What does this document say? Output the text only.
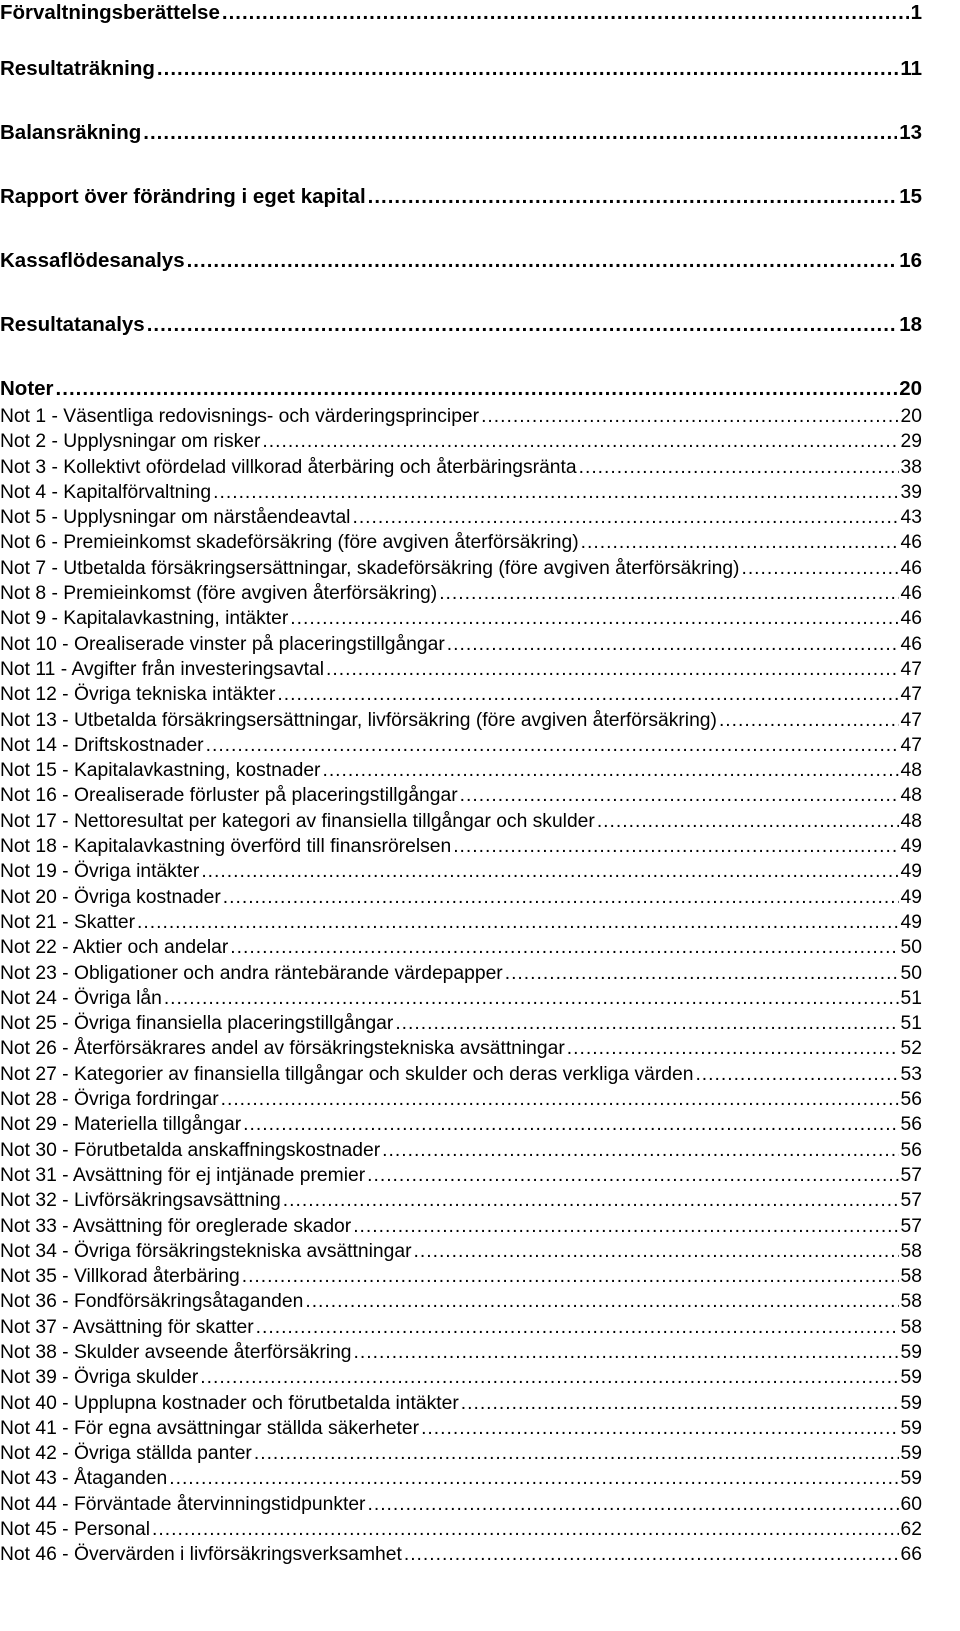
Förvaltningsberättelse .....	1
Resultaträkning .....	11
Balansräkning .....	13
Rapport över förändring i eget kapital .....	15
Kassaflödesanalys .....	16
Resultatanalys .....	18
Noter .....	20
Not 1 - Väsentliga redovisnings- och värderingsprinciper .....	20
Not 2 - Upplysningar om risker .....	29
Not 3 - Kollektivt ofördelad villkorad återbäring och återbäringsränta .....	38
Not 4 - Kapitalförvaltning .....	39
Not 5 - Upplysningar om närståendeavtal .....	43
Not 6 - Premieinkomst skadeförsäkring (före avgiven återförsäkring) .....	46
Not 7 - Utbetalda försäkringsersättningar, skadeförsäkring (före avgiven återförsäkring) .....	46
Not 8 - Premieinkomst (före avgiven återförsäkring) .....	46
Not 9 - Kapitalavkastning, intäkter .....	46
Not 10 - Orealiserade vinster på placeringstillgångar .....	46
Not 11 - Avgifter från investeringsavtal .....	47
Not 12 - Övriga tekniska intäkter .....	47
Not 13 - Utbetalda försäkringsersättningar, livförsäkring (före avgiven återförsäkring) .....	47
Not 14 - Driftskostnader .....	47
Not 15 - Kapitalavkastning, kostnader .....	48
Not 16 - Orealiserade förluster på placeringstillgångar .....	48
Not 17 - Nettoresultat per kategori av finansiella tillgångar och skulder .....	48
Not 18 - Kapitalavkastning överförd till finansrörelsen .....	49
Not 19 - Övriga intäkter .....	49
Not 20 - Övriga kostnader .....	49
Not 21 - Skatter .....	49
Not 22 - Aktier och andelar .....	50
Not 23 - Obligationer och andra räntebärande värdepapper .....	50
Not 24 - Övriga lån .....	51
Not 25 - Övriga finansiella placeringstillgångar .....	51
Not 26 - Återförsäkrares andel av försäkringstekniska avsättningar .....	52
Not 27 - Kategorier av finansiella tillgångar och skulder och deras verkliga värden .....	53
Not 28 - Övriga fordringar .....	56
Not 29 - Materiella tillgångar .....	56
Not 30 - Förutbetalda anskaffningskostnader .....	56
Not 31 - Avsättning för ej intjänade premier .....	57
Not 32 - Livförsäkringsavsättning .....	57
Not 33 - Avsättning för oreglerade skador .....	57
Not 34 - Övriga försäkringstekniska avsättningar .....	58
Not 35 - Villkorad återbäring .....	58
Not 36 - Fondförsäkringsåtaganden .....	58
Not 37 - Avsättning för skatter .....	58
Not 38 - Skulder avseende återförsäkring .....	59
Not 39 - Övriga skulder .....	59
Not 40 - Upplupna kostnader och förutbetalda intäkter .....	59
Not 41 - För egna avsättningar ställda säkerheter .....	59
Not 42 - Övriga ställda panter .....	59
Not 43 - Åtaganden .....	59
Not 44 - Förväntade återvinningstidpunkter .....	60
Not 45 - Personal .....	62
Not 46 - Övervärden i livförsäkringsverksamhet .....	66
